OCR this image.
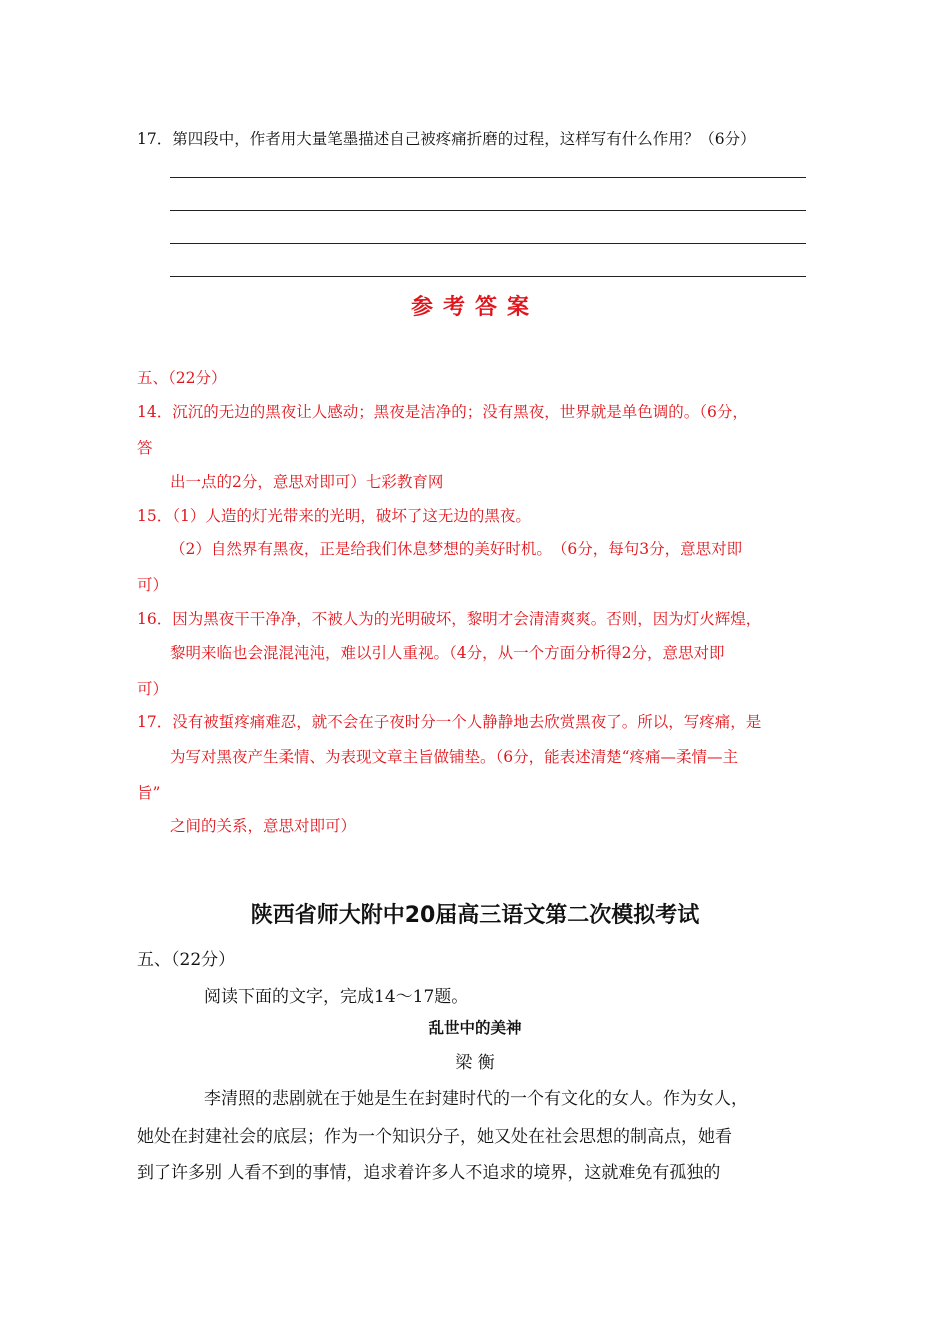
17．第四段中，作者用大量笔墨描述自己被疼痛折磨的过程，这样写有什么作用？（6分）
参考答案
五、（22分）
14．沉沉的无边的黑夜让人感动；黑夜是洁净的；没有黑夜，世界就是单色调的。（6分，
答
出一点的2分，意思对即可）七彩教育网
15．（1）人造的灯光带来的光明，破坏了这无边的黑夜。
（2）自然界有黑夜，正是给我们休息梦想的美好时机。　（6分，每句3分，意思对即
可）
16．因为黑夜干干净净，不被人为的光明破坏，黎明才会清清爽爽。否则，因为灯火辉煌，
黎明来临也会混混沌沌，难以引人重视。（4分，从一个方面分析得2分，意思对即
可）
17．没有被蜇疼痛难忍，就不会在子夜时分一个人静静地去欣赏黑夜了。所以，写疼痛，是
为写对黑夜产生柔情、为表现文章主旨做铺垫。（6分，能表述清楚“疼痛—柔情—主
旨”
之间的关系，意思对即可）
陕西省师大附中20届高三语文第二次模拟考试
五、（22分）
阅读下面的文字，完成14～17题。
乱世中的美神
梁 衡
李清照的悲剧就在于她是生在封建时代的一个有文化的女人。作为女人，
她处在封建社会的底层；作为一个知识分子，她又处在社会思想的制高点，她看
到了许多别 人看不到的事情，追求着许多人不追求的境界，这就难免有孤独的
